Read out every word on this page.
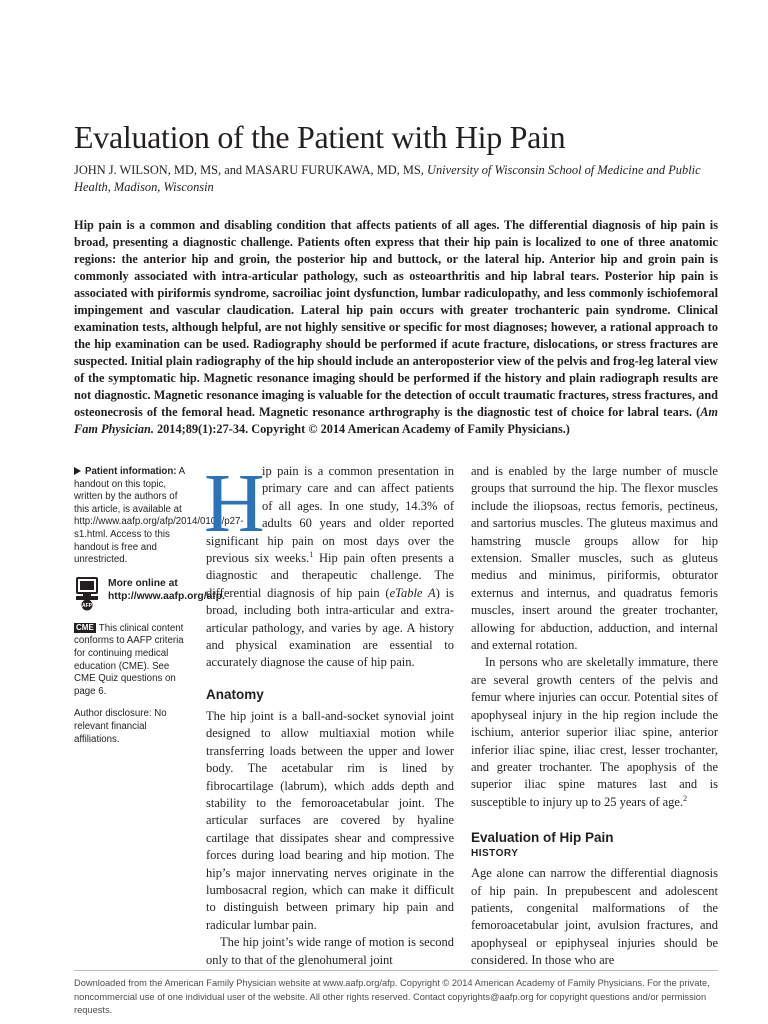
Evaluation of the Patient with Hip Pain
JOHN J. WILSON, MD, MS, and MASARU FURUKAWA, MD, MS, University of Wisconsin School of Medicine and Public Health, Madison, Wisconsin
Hip pain is a common and disabling condition that affects patients of all ages. The differential diagnosis of hip pain is broad, presenting a diagnostic challenge. Patients often express that their hip pain is localized to one of three anatomic regions: the anterior hip and groin, the posterior hip and buttock, or the lateral hip. Anterior hip and groin pain is commonly associated with intra-articular pathology, such as osteoarthritis and hip labral tears. Posterior hip pain is associated with piriformis syndrome, sacroiliac joint dysfunction, lumbar radiculopathy, and less commonly ischiofemoral impingement and vascular claudication. Lateral hip pain occurs with greater trochanteric pain syndrome. Clinical examination tests, although helpful, are not highly sensitive or specific for most diagnoses; however, a rational approach to the hip examination can be used. Radiography should be performed if acute fracture, dislocations, or stress fractures are suspected. Initial plain radiography of the hip should include an anteroposterior view of the pelvis and frog-leg lateral view of the symptomatic hip. Magnetic resonance imaging should be performed if the history and plain radiograph results are not diagnostic. Magnetic resonance imaging is valuable for the detection of occult traumatic fractures, stress fractures, and osteonecrosis of the femoral head. Magnetic resonance arthrography is the diagnostic test of choice for labral tears. (Am Fam Physician. 2014;89(1):27-34. Copyright © 2014 American Academy of Family Physicians.)
Patient information: A handout on this topic, written by the authors of this article, is available at http://www.aafp.org/afp/2014/0101/p27-s1.html. Access to this handout is free and unrestricted.
AFP
More online at http://www.aafp.org/afp.
CME This clinical content conforms to AAFP criteria for continuing medical education (CME). See CME Quiz questions on page 6.
Author disclosure: No relevant financial affiliations.
H

ip pain is a common presentation in primary care and can affect patients of all ages. In one study, 14.3% of adults 60 years and older reported significant hip pain on most days over the previous six weeks.$^1$ Hip pain often presents a diagnostic and therapeutic challenge. The differential diagnosis of hip pain (eTable A) is broad, including both intra-articular and extra-articular pathology, and varies by age. A history and physical examination are essential to accurately diagnose the cause of hip pain.

Anatomy

The hip joint is a ball-and-socket synovial joint designed to allow multiaxial motion while transferring loads between the upper and lower body. The acetabular rim is lined by fibrocartilage (labrum), which adds depth and stability to the femoroacetabular joint. The articular surfaces are covered by hyaline cartilage that dissipates shear and compressive forces during load bearing and hip motion. The hip’s major innervating nerves originate in the lumbosacral region, which can make it difficult to distinguish between primary hip pain and radicular lumbar pain.

The hip joint’s wide range of motion is second only to that of the glenohumeral joint

and is enabled by the large number of muscle groups that surround the hip. The flexor muscles include the iliopsoas, rectus femoris, pectineus, and sartorius muscles. The gluteus maximus and hamstring muscle groups allow for hip extension. Smaller muscles, such as gluteus medius and minimus, piriformis, obturator externus and internus, and quadratus femoris muscles, insert around the greater trochanter, allowing for abduction, adduction, and internal and external rotation.

In persons who are skeletally immature, there are several growth centers of the pelvis and femur where injuries can occur. Potential sites of apophyseal injury in the hip region include the ischium, anterior superior iliac spine, anterior inferior iliac spine, iliac crest, lesser trochanter, and greater trochanter. The apophysis of the superior iliac spine matures last and is susceptible to injury up to 25 years of age.$^2$

Evaluation of Hip Pain
HISTORY

Age alone can narrow the differential diagnosis of hip pain. In prepubescent and adolescent patients, congenital malformations of the femoroacetabular joint, avulsion fractures, and apophyseal or epiphyseal injuries should be considered. In those who are

Downloaded from the American Family Physician website at www.aafp.org/afp. Copyright © 2014 American Academy of Family Physicians. For the private, noncommercial use of one individual user of the website. All other rights reserved. Contact copyrights@aafp.org for copyright questions and/or permission requests.
